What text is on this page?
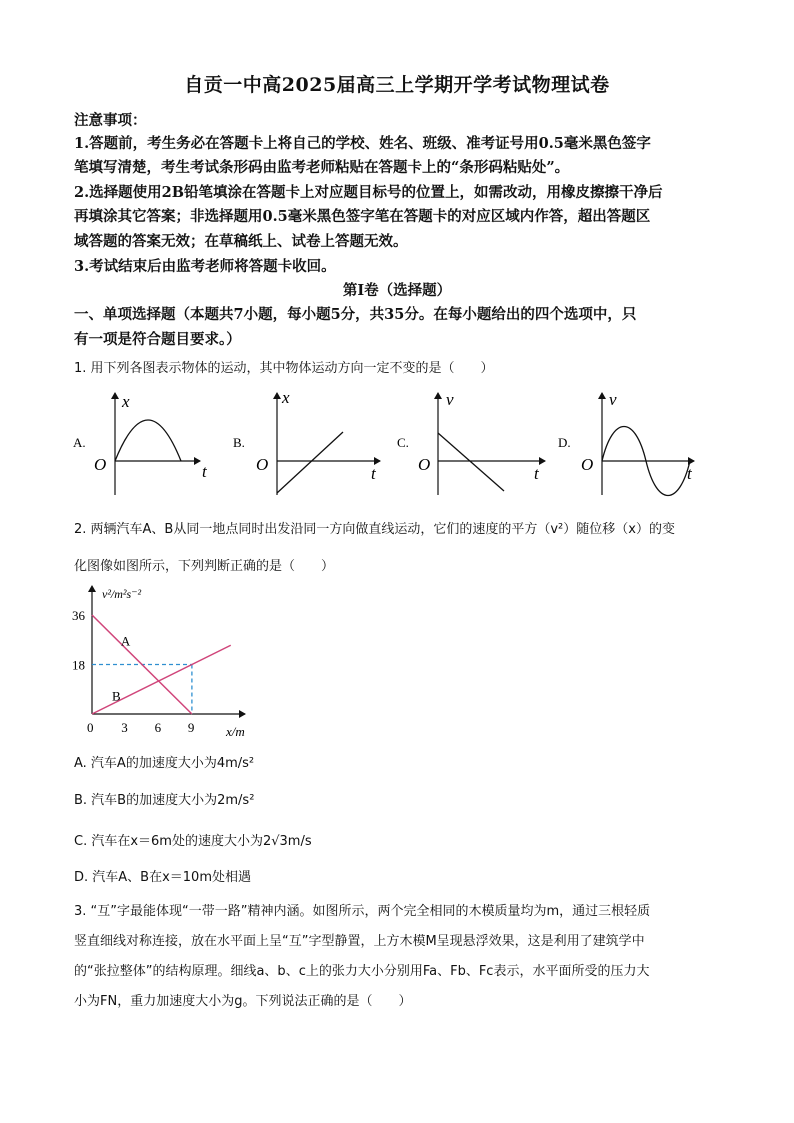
自贡一中高2025届高三上学期开学考试物理试卷
注意事项：
1.答题前，考生务必在答题卡上将自己的学校、姓名、班级、准考证号用0.5毫米黑色签字
笔填写清楚，考生考试条形码由监考老师粘贴在答题卡上的“条形码粘贴处”。
2.选择题使用2B铅笔填涂在答题卡上对应题目标号的位置上，如需改动，用橡皮擦擦干净后
再填涂其它答案；非选择题用0.5毫米黑色签字笔在答题卡的对应区域内作答，超出答题区
域答题的答案无效；在草稿纸上、试卷上答题无效。
3.考试结束后由监考老师将答题卡收回。
第Ⅰ卷（选择题）
一、单项选择题（本题共7小题，每小题5分，共35分。在每小题给出的四个选项中，只
有一项是符合题目要求。）
1. 用下列各图表示物体的运动，其中物体运动方向一定不变的是（　　）
A.
x
t
O
B.
x
t
O
C.
v
t
O
D.
v
t
O
2. 两辆汽车A、B从同一地点同时出发沿同一方向做直线运动，它们的速度的平方（v²）随位移（x）的变
化图像如图所示，下列判断正确的是（　　）
v²/m²s⁻²
x/m
0
A
B
3 6 9
18
36
A. 汽车A的加速度大小为4m/s²
B. 汽车B的加速度大小为2m/s²
C. 汽车在x＝6m处的速度大小为2√3m/s
D. 汽车A、B在x＝10m处相遇
3. “互”字最能体现“一带一路”精神内涵。如图所示，两个完全相同的木模质量均为m，通过三根轻质
竖直细线对称连接，放在水平面上呈“互”字型静置，上方木模M呈现悬浮效果，这是利用了建筑学中
的“张拉整体”的结构原理。细线a、b、c上的张力大小分别用Fa、Fb、Fc表示，水平面所受的压力大
小为FN，重力加速度大小为g。下列说法正确的是（　　）
